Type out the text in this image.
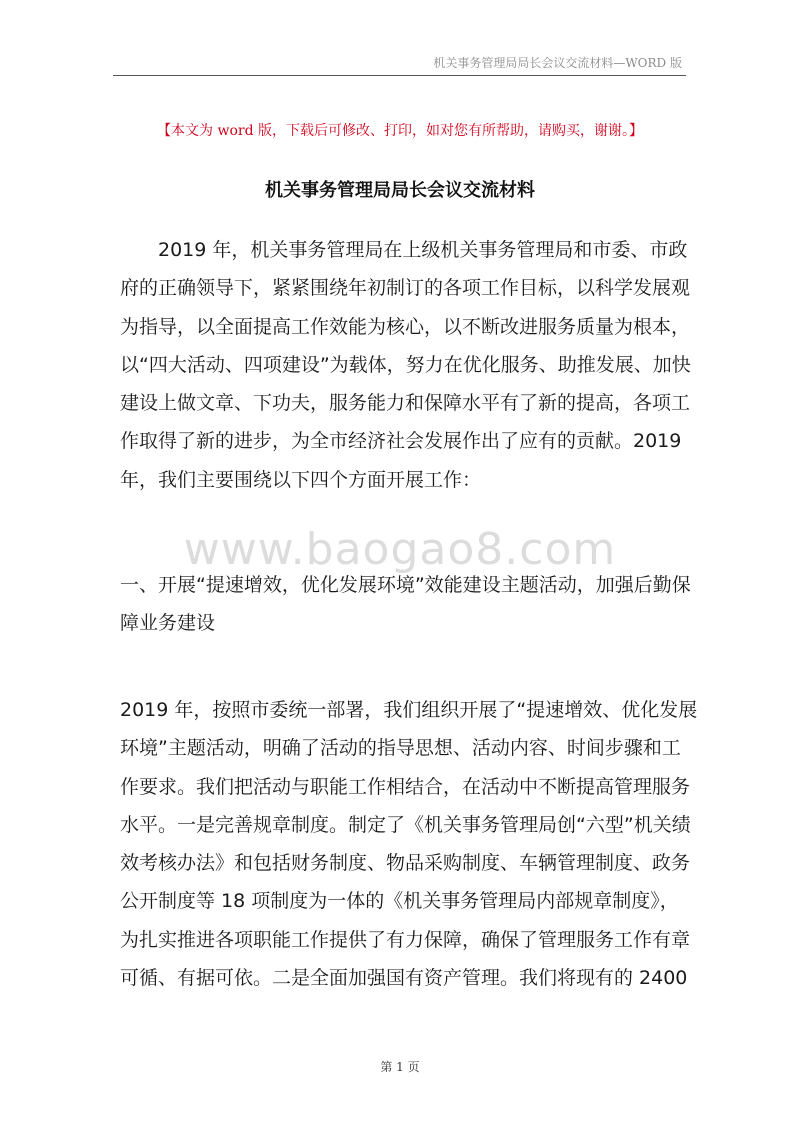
机关事务管理局局长会议交流材料—WORD 版
【本文为 word 版，下载后可修改、打印，如对您有所帮助，请购买，谢谢。】
机关事务管理局局长会议交流材料
2019 年，机关事务管理局在上级机关事务管理局和市委、市政
府的正确领导下，紧紧围绕年初制订的各项工作目标，以科学发展观
为指导，以全面提高工作效能为核心，以不断改进服务质量为根本，
以“四大活动、四项建设”为载体，努力在优化服务、助推发展、加快
建设上做文章、下功夫，服务能力和保障水平有了新的提高，各项工
作取得了新的进步，为全市经济社会发展作出了应有的贡献。2019
年，我们主要围绕以下四个方面开展工作：
www.baogao8.com
一、开展“提速增效，优化发展环境”效能建设主题活动，加强后勤保
障业务建设
2019 年，按照市委统一部署，我们组织开展了“提速增效、优化发展
环境”主题活动，明确了活动的指导思想、活动内容、时间步骤和工
作要求。我们把活动与职能工作相结合，在活动中不断提高管理服务
水平。一是完善规章制度。制定了《机关事务管理局创“六型”机关绩
效考核办法》和包括财务制度、物品采购制度、车辆管理制度、政务
公开制度等 18 项制度为一体的《机关事务管理局内部规章制度》，
为扎实推进各项职能工作提供了有力保障，确保了管理服务工作有章
可循、有据可依。二是全面加强国有资产管理。我们将现有的 2400
第 1 页
